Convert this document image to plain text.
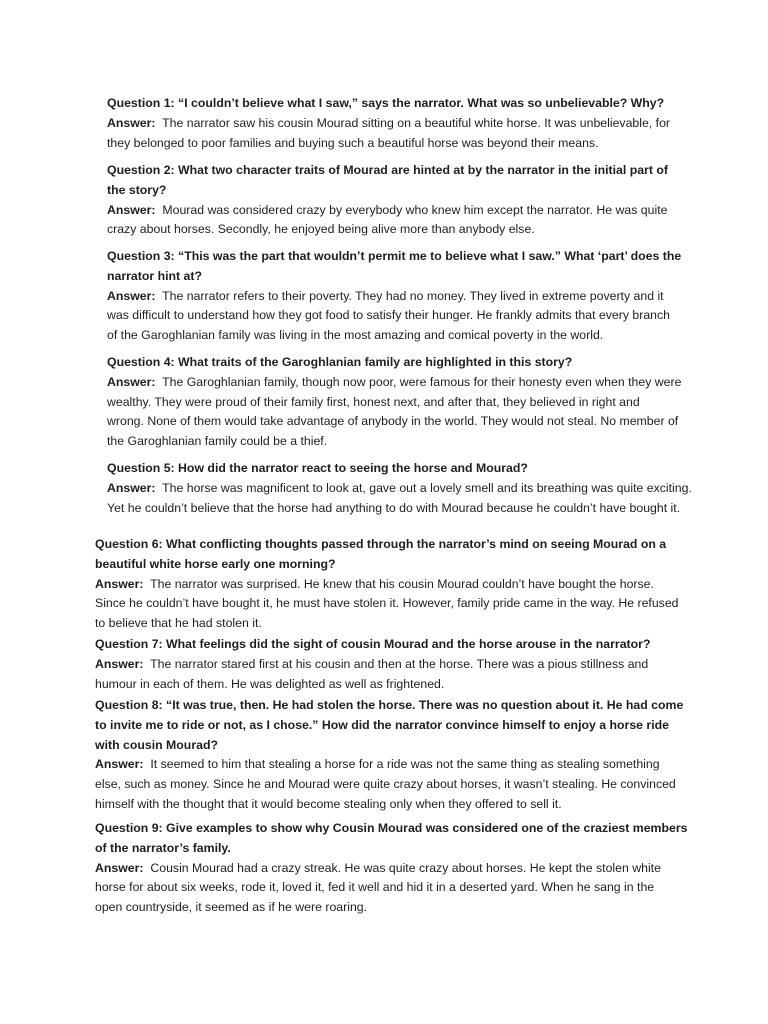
Question 1: “I couldn’t believe what I saw,” says the narrator. What was so unbelievable? Why?

Answer: The narrator saw his cousin Mourad sitting on a beautiful white horse. It was unbelievable, for
they belonged to poor families and buying such a beautiful horse was beyond their means.

Question 2: What two character traits of Mourad are hinted at by the narrator in the initial part of
the story?

Answer: Mourad was considered crazy by everybody who knew him except the narrator. He was quite
crazy about horses. Secondly, he enjoyed being alive more than anybody else.

Question 3: “This was the part that wouldn’t permit me to believe what I saw.” What ‘part’ does the
narrator hint at?

Answer: The narrator refers to their poverty. They had no money. They lived in extreme poverty and it
was difficult to understand how they got food to satisfy their hunger. He frankly admits that every branch
of the Garoghlanian family was living in the most amazing and comical poverty in the world.

Question 4: What traits of the Garoghlanian family are highlighted in this story?

Answer: The Garoghlanian family, though now poor, were famous for their honesty even when they were
wealthy. They were proud of their family first, honest next, and after that, they believed in right and
wrong. None of them would take advantage of anybody in the world. They would not steal. No member of
the Garoghlanian family could be a thief.

Question 5: How did the narrator react to seeing the horse and Mourad?

Answer: The horse was magnificent to look at, gave out a lovely smell and its breathing was quite exciting.
Yet he couldn’t believe that the horse had anything to do with Mourad because he couldn’t have bought it.

Question 6: What conflicting thoughts passed through the narrator’s mind on seeing Mourad on a
beautiful white horse early one morning?

Answer: The narrator was surprised. He knew that his cousin Mourad couldn’t have bought the horse.
Since he couldn’t have bought it, he must have stolen it. However, family pride came in the way. He refused
to believe that he had stolen it.

Question 7: What feelings did the sight of cousin Mourad and the horse arouse in the narrator?

Answer: The narrator stared first at his cousin and then at the horse. There was a pious stillness and
humour in each of them. He was delighted as well as frightened.

Question 8: “It was true, then. He had stolen the horse. There was no question about it. He had come
to invite me to ride or not, as I chose.” How did the narrator convince himself to enjoy a horse ride
with cousin Mourad?

Answer: It seemed to him that stealing a horse for a ride was not the same thing as stealing something
else, such as money. Since he and Mourad were quite crazy about horses, it wasn’t stealing. He convinced
himself with the thought that it would become stealing only when they offered to sell it.

Question 9: Give examples to show why Cousin Mourad was considered one of the craziest members
of the narrator’s family.

Answer: Cousin Mourad had a crazy streak. He was quite crazy about horses. He kept the stolen white
horse for about six weeks, rode it, loved it, fed it well and hid it in a deserted yard. When he sang in the
open countryside, it seemed as if he were roaring.
